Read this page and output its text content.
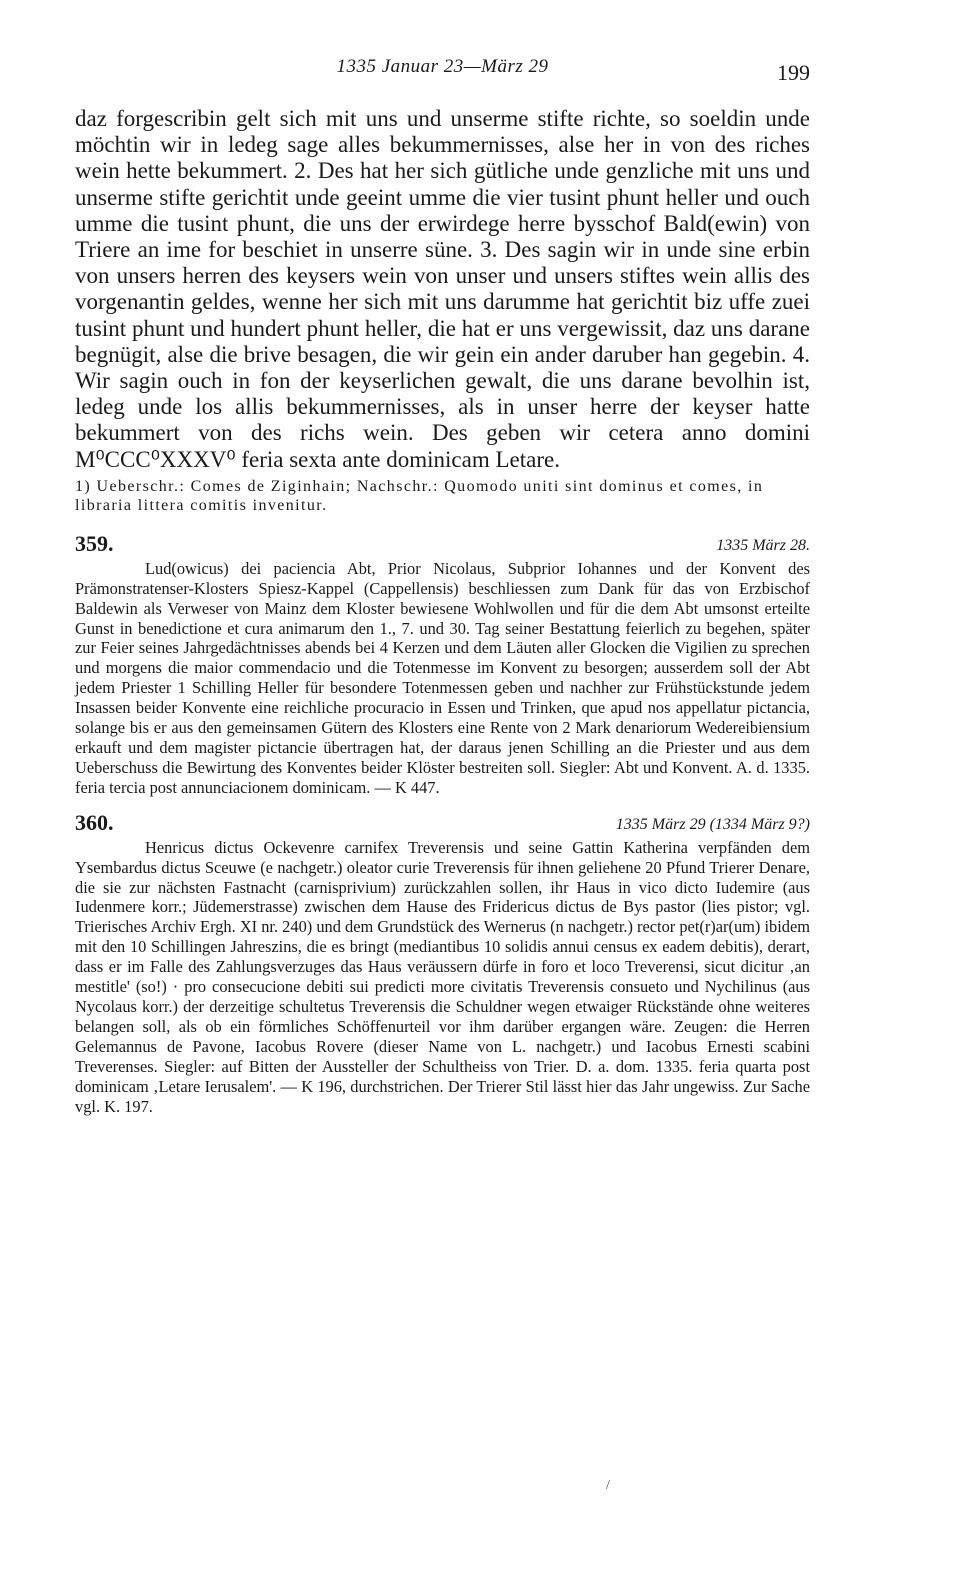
1335 Januar 23—März 29	199

daz forgescribin gelt sich mit uns und unserme stifte richte, so soeldin unde möchtin wir in ledeg sage alles bekummernisses, alse her in von des riches wein hette bekummert. 2. Des hat her sich gütliche unde genzliche mit uns und unserme stifte gerichtit unde geeint umme die vier tusint phunt heller und ouch umme die tusint phunt, die uns der erwirdege herre bysschof Bald(ewin) von Triere an ime for beschiet in unserre süne. 3. Des sagin wir in unde sine erbin von unsers herren des keysers wein von unser und unsers stiftes wein allis des vorgenantin geldes, wenne her sich mit uns darumme hat gerichtit biz uffe zuei tusint phunt und hundert phunt heller, die hat er uns vergewissit, daz uns darane begnügit, alse die brive besagen, die wir gein ein ander daruber han gegebin. 4. Wir sagin ouch in fon der keyserlichen gewalt, die uns darane bevolhin ist, ledeg unde los allis bekummernisses, als in unser herre der keyser hatte bekummert von des richs wein. Des geben wir cetera anno domini M⁰CCC⁰XXXV⁰ feria sexta ante dominicam Letare.

1) Ueberschr.: Comes de Ziginhain; Nachschr.: Quomodo uniti sint dominus et comes, in libraria littera comitis invenitur.
359.	1335 März 28.

Lud(owicus) dei paciencia Abt, Prior Nicolaus, Subprior Iohannes und der Konvent des Prämonstratenser-Klosters Spiesz-Kappel (Cappellensis) beschliessen zum Dank für das von Erzbischof Baldewin als Verweser von Mainz dem Kloster bewiesene Wohlwollen und für die dem Abt umsonst erteilte Gunst in benedictione et cura animarum den 1., 7. und 30. Tag seiner Bestattung feierlich zu begehen, später zur Feier seines Jahrgedächtnisses abends bei 4 Kerzen und dem Läuten aller Glocken die Vigilien zu sprechen und morgens die maior commendacio und die Totenmesse im Konvent zu besorgen; ausserdem soll der Abt jedem Priester 1 Schilling Heller für besondere Totenmessen geben und nachher zur Frühstückstunde jedem Insassen beider Konvente eine reichliche procuracio in Essen und Trinken, que apud nos appellatur pictancia, solange bis er aus den gemeinsamen Gütern des Klosters eine Rente von 2 Mark denariorum Wedereibiensium erkauft und dem magister pictancie übertragen hat, der daraus jenen Schilling an die Priester und aus dem Ueberschuss die Bewirtung des Konventes beider Klöster bestreiten soll. Siegler: Abt und Konvent. A. d. 1335. feria tercia post annunciacionem dominicam. — K 447.

360.	1335 März 29 (1334 März 9?)

Henricus dictus Ockevenre carnifex Treverensis und seine Gattin Katherina verpfänden dem Ysembardus dictus Sceuwe (e nachgetr.) oleator curie Treverensis für ihnen geliehene 20 Pfund Trierer Denare, die sie zur nächsten Fastnacht (carnisprivium) zurückzahlen sollen, ihr Haus in vico dicto Iudemire (aus Iudenmere korr.; Jüdemerstrasse) zwischen dem Hause des Fridericus dictus de Bys pastor (lies pistor; vgl. Trierisches Archiv Ergh. XI nr. 240) und dem Grundstück des Wernerus (n nachgetr.) rector pet(r)ar(um) ibidem mit den 10 Schillingen Jahreszins, die es bringt (mediantibus 10 solidis annui census ex eadem debitis), derart, dass er im Falle des Zahlungsverzuges das Haus veräussern dürfe in foro et loco Treverensi, sicut dicitur ‚an mestitle' (so!) · pro consecucione debiti sui predicti more civitatis Treverensis consueto und Nychilinus (aus Nycolaus korr.) der derzeitige schultetus Treverensis die Schuldner wegen etwaiger Rückstände ohne weiteres belangen soll, als ob ein förmliches Schöffenurteil vor ihm darüber ergangen wäre. Zeugen: die Herren Gelemannus de Pavone, Iacobus Rovere (dieser Name von L. nachgetr.) und Iacobus Ernesti scabini Treverenses. Siegler: auf Bitten der Aussteller der Schultheiss von Trier. D. a. dom. 1335. feria quarta post dominicam ‚Letare Ierusalem'. — K 196, durchstrichen. Der Trierer Stil lässt hier das Jahr ungewiss. Zur Sache vgl. K. 197.

/
